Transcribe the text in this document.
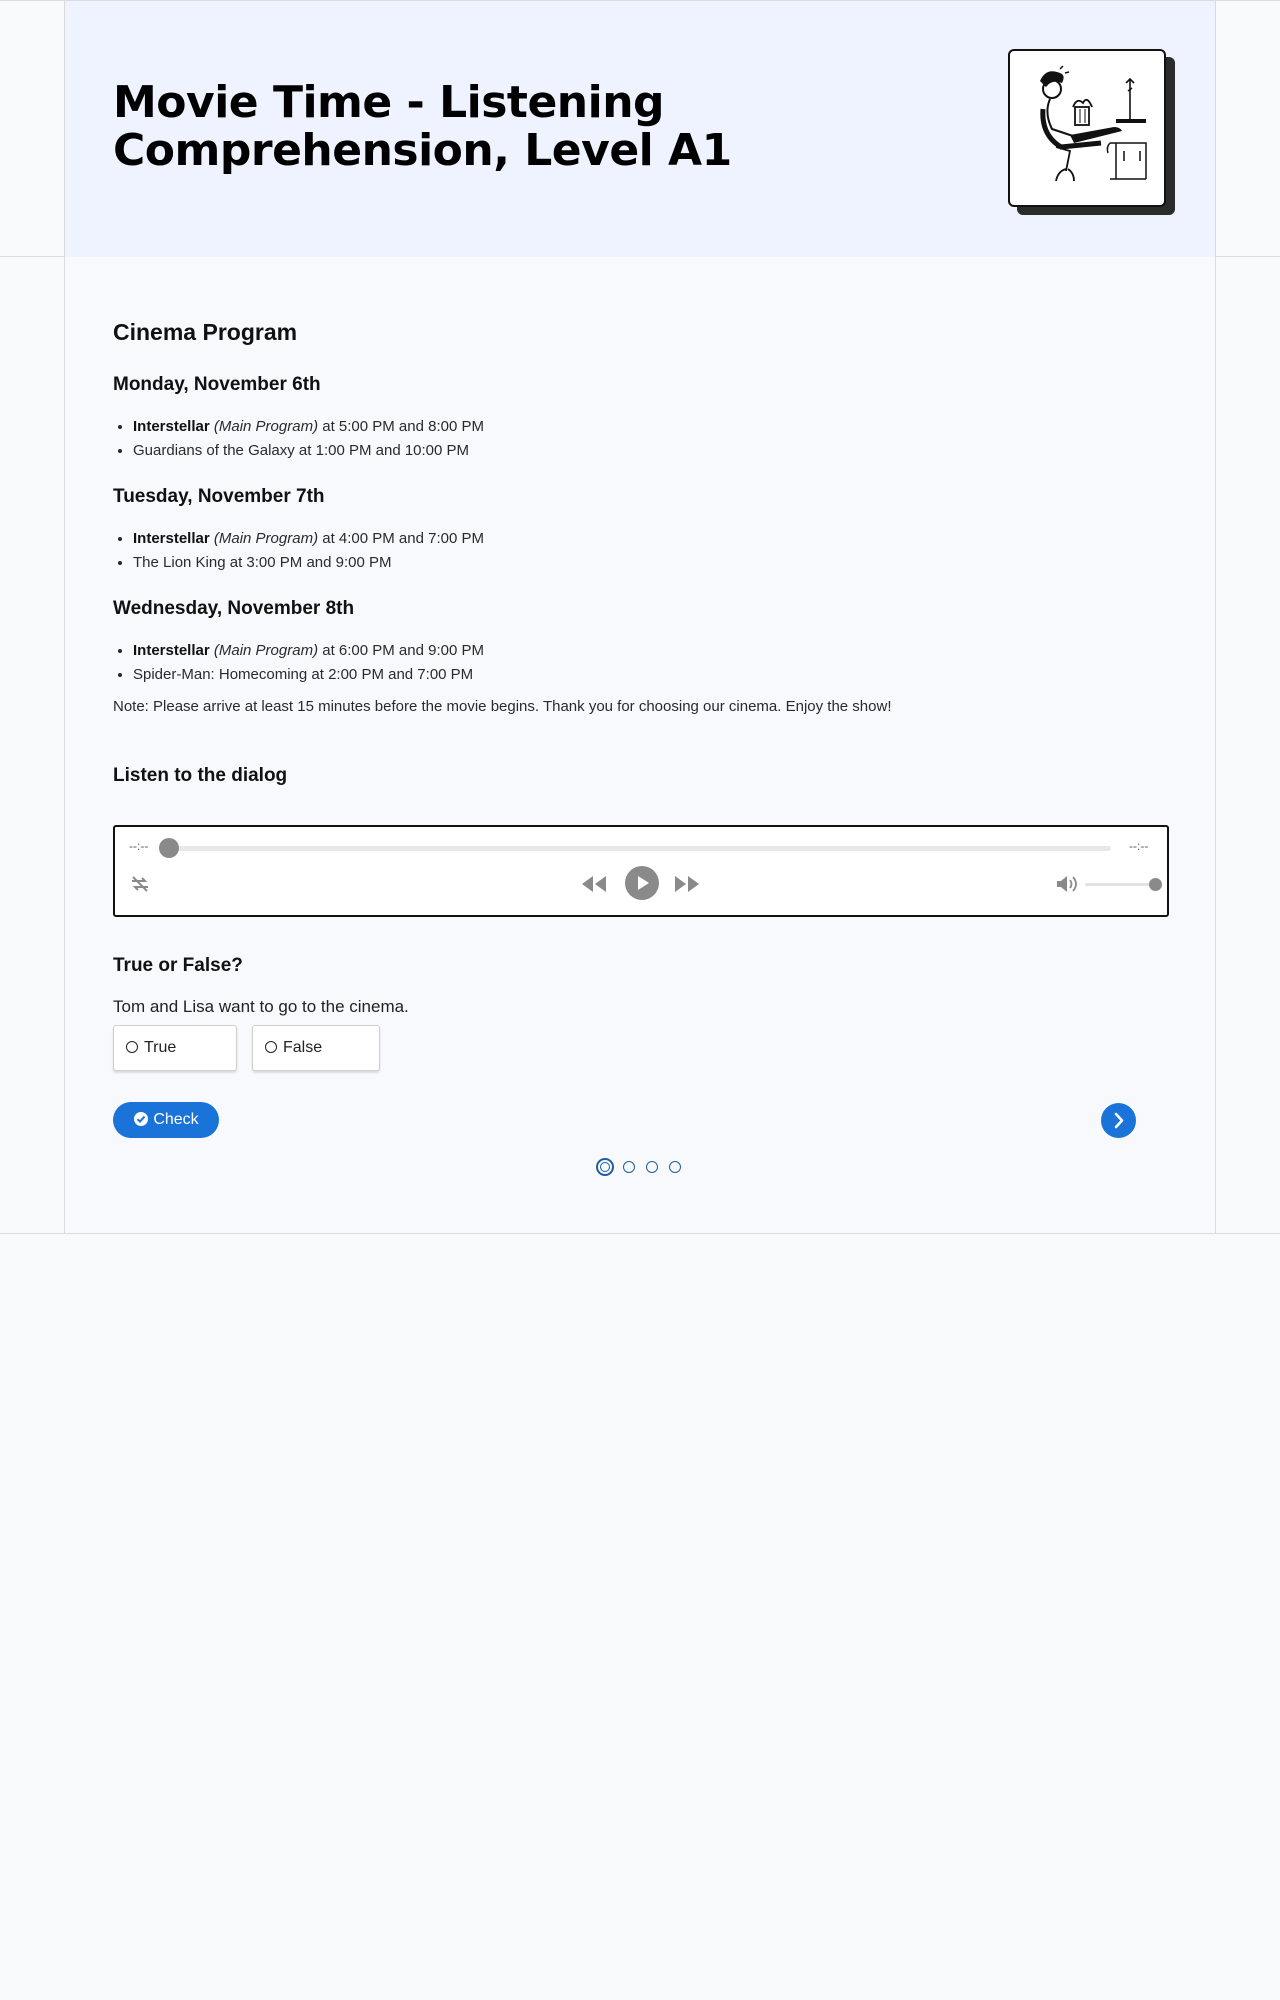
Movie Time - Listening Comprehension, Level A1
Cinema Program
Monday, November 6th
• Interstellar (Main Program) at 5:00 PM and 8:00 PM
• Guardians of the Galaxy at 1:00 PM and 10:00 PM
Tuesday, November 7th
• Interstellar (Main Program) at 4:00 PM and 7:00 PM
• The Lion King at 3:00 PM and 9:00 PM
Wednesday, November 8th
• Interstellar (Main Program) at 6:00 PM and 9:00 PM
• Spider-Man: Homecoming at 2:00 PM and 7:00 PM

Note: Please arrive at least 15 minutes before the movie begins. Thank you for choosing our cinema. Enjoy the show!

Listen to the dialog
--:--	--:--
True or False?

Tom and Lisa want to go to the cinema.

True	False
Check
